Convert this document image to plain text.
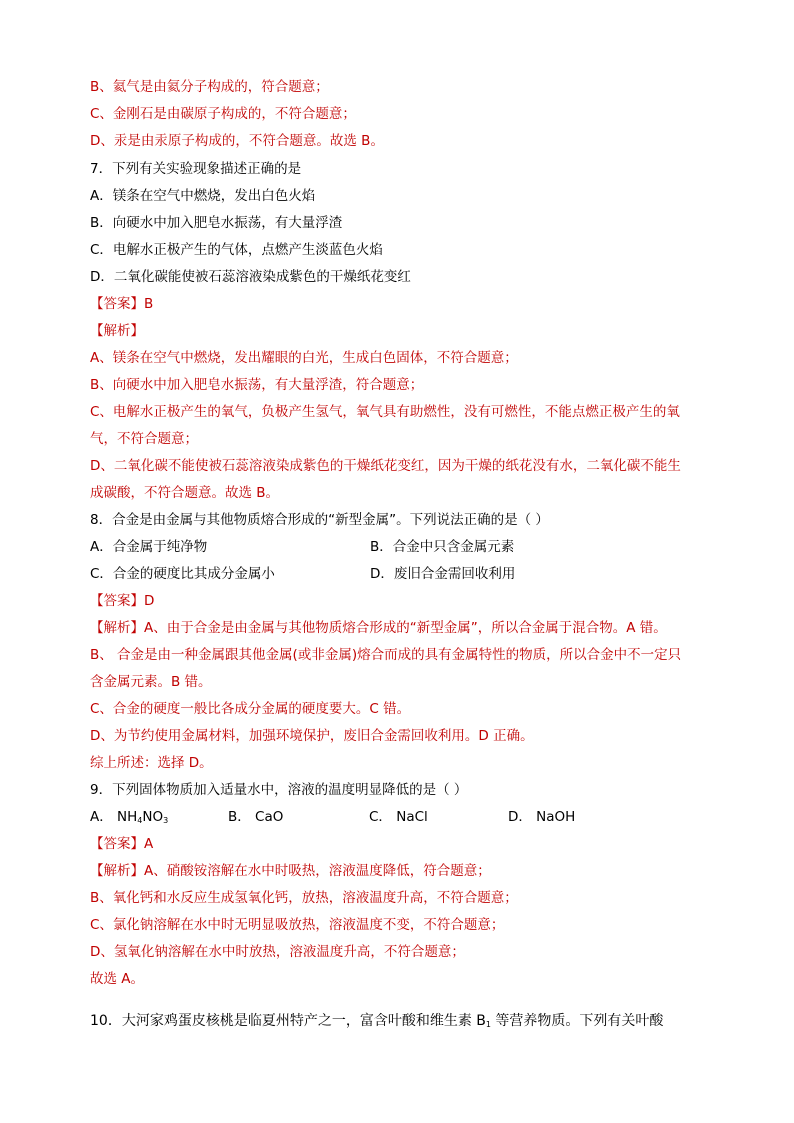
B、氦气是由氦分子构成的，符合题意；
C、金刚石是由碳原子构成的，不符合题意；
D、汞是由汞原子构成的，不符合题意。故选 B。
7．下列有关实验现象描述正确的是
A．镁条在空气中燃烧，发出白色火焰
B．向硬水中加入肥皂水振荡，有大量浮渣
C．电解水正极产生的气体，点燃产生淡蓝色火焰
D．二氧化碳能使被石蕊溶液染成紫色的干燥纸花变红
【答案】B
【解析】
A、镁条在空气中燃烧，发出耀眼的白光，生成白色固体，不符合题意；
B、向硬水中加入肥皂水振荡，有大量浮渣，符合题意；
C、电解水正极产生的氧气，负极产生氢气，氧气具有助燃性，没有可燃性，不能点燃正极产生的氧
气，不符合题意；
D、二氧化碳不能使被石蕊溶液染成紫色的干燥纸花变红，因为干燥的纸花没有水，二氧化碳不能生
成碳酸，不符合题意。故选 B。
8．合金是由金属与其他物质熔合形成的“新型金属”。下列说法正确的是（ ）
A．合金属于纯净物	B．合金中只含金属元素
C．合金的硬度比其成分金属小	D．废旧合金需回收利用
【答案】D
【解析】A、由于合金是由金属与其他物质熔合形成的“新型金属”，所以合金属于混合物。A 错。
B、 合金是由一种金属跟其他金属(或非金属)熔合而成的具有金属特性的物质，所以合金中不一定只
含金属元素。B 错。
C、合金的硬度一般比各成分金属的硬度要大。C 错。
D、为节约使用金属材料，加强环境保护，废旧合金需回收利用。D 正确。
综上所述：选择 D。
9．下列固体物质加入适量水中，溶液的温度明显降低的是（ ）
A． $NH_4NO_3$	B． CaO	C． NaCl	D． NaOH
【答案】A
【解析】A、硝酸铵溶解在水中时吸热，溶液温度降低，符合题意；
B、氧化钙和水反应生成氢氧化钙，放热，溶液温度升高，不符合题意；
C、氯化钠溶解在水中时无明显吸放热，溶液温度不变，不符合题意；
D、氢氧化钠溶解在水中时放热，溶液温度升高，不符合题意；
故选 A。
10．大河家鸡蛋皮核桃是临夏州特产之一，富含叶酸和维生素 $B_1$ 等营养物质。下列有关叶酸
